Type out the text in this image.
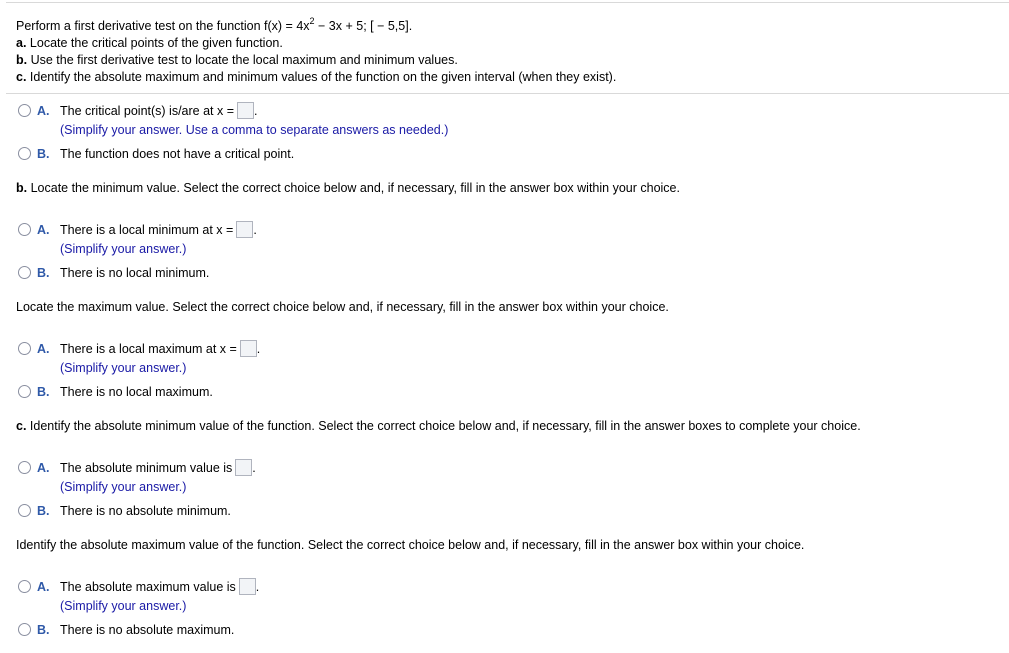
Perform a first derivative test on the function $f(x) = 4x^2 - 3x + 5$; [ − 5,5].
a. Locate the critical points of the given function.
b. Use the first derivative test to locate the local maximum and minimum values.
c. Identify the absolute maximum and minimum values of the function on the given interval (when they exist).
A. The critical point(s) is/are at x = .
(Simplify your answer. Use a comma to separate answers as needed.)
B. The function does not have a critical point.
b. Locate the minimum value. Select the correct choice below and, if necessary, fill in the answer box within your choice.
A. There is a local minimum at x = .
(Simplify your answer.)
B. There is no local minimum.
Locate the maximum value. Select the correct choice below and, if necessary, fill in the answer box within your choice.
A. There is a local maximum at x = .
(Simplify your answer.)
B. There is no local maximum.
c. Identify the absolute minimum value of the function. Select the correct choice below and, if necessary, fill in the answer boxes to complete your choice.
A. The absolute minimum value is .
(Simplify your answer.)
B. There is no absolute minimum.
Identify the absolute maximum value of the function. Select the correct choice below and, if necessary, fill in the answer box within your choice.
A. The absolute maximum value is .
(Simplify your answer.)
B. There is no absolute maximum.
